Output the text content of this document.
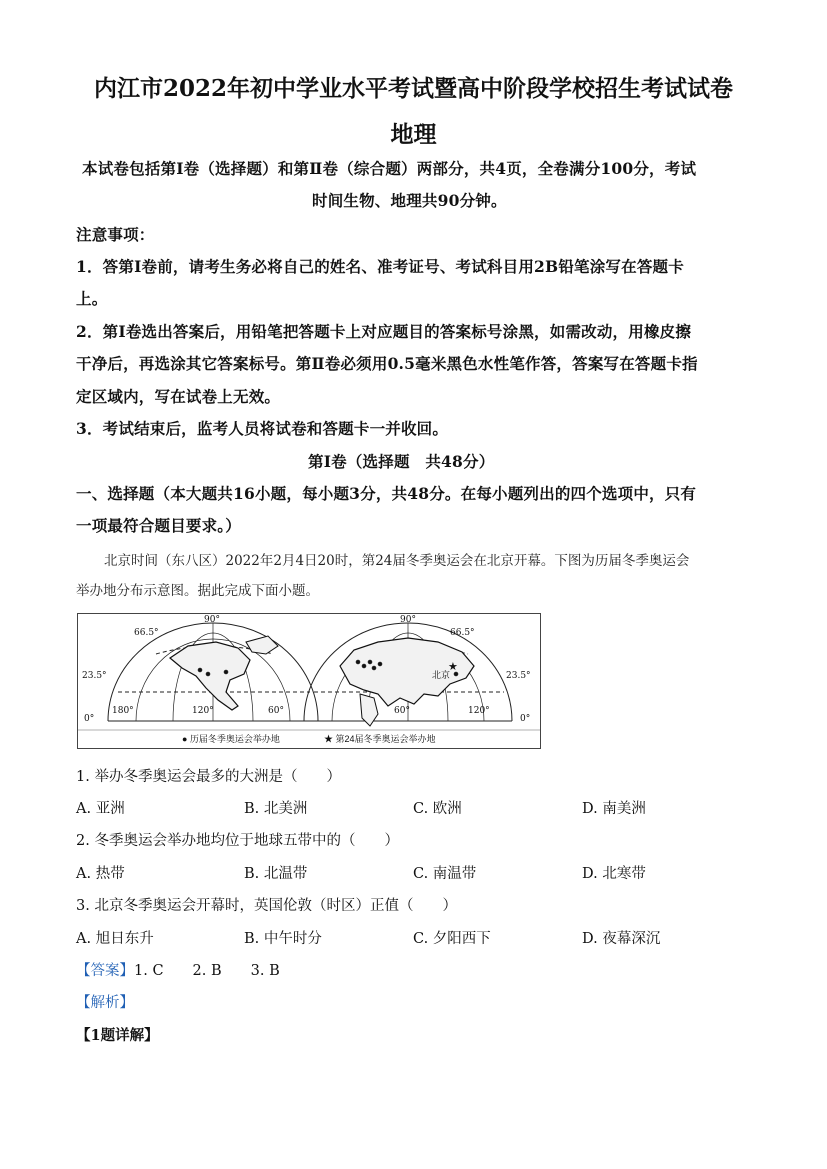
内江市2022年初中学业水平考试暨高中阶段学校招生考试试卷
地理
本试卷包括第Ⅰ卷（选择题）和第Ⅱ卷（综合题）两部分，共4页，全卷满分100分，考试
时间生物、地理共90分钟。
注意事项：
1．答第Ⅰ卷前，请考生务必将自己的姓名、准考证号、考试科目用2B铅笔涂写在答题卡
上。
2．第Ⅰ卷选出答案后，用铅笔把答题卡上对应题目的答案标号涂黑，如需改动，用橡皮擦
干净后，再选涂其它答案标号。第Ⅱ卷必须用0.5毫米黑色水性笔作答，答案写在答题卡指
定区域内，写在试卷上无效。
3．考试结束后，监考人员将试卷和答题卡一并收回。
第Ⅰ卷（选择题　共48分）
一、选择题（本大题共16小题，每小题3分，共48分。在每小题列出的四个选项中，只有
一项最符合题目要求。）
北京时间（东八区）2022年2月4日20时，第24届冬季奥运会在北京开幕。下图为历届冬季奥运会
举办地分布示意图。据此完成下面小题。
★
90°
66.5°
23.5°
0°
180°	120°	60°
90°
66.5°
23.5°
0°
60°	120°
北京
● 历届冬季奥运会举办地	★ 第24届冬季奥运会举办地
1. 举办冬季奥运会最多的大洲是（　　）
A. 亚洲	B. 北美洲	C. 欧洲	D. 南美洲
2. 冬季奥运会举办地均位于地球五带中的（　　）
A. 热带	B. 北温带	C. 南温带	D. 北寒带
3. 北京冬季奥运会开幕时，英国伦敦（时区）正值（　　）
A. 旭日东升	B. 中午时分	C. 夕阳西下	D. 夜幕深沉
【答案】1. C　　2. B　　3. B
【解析】
【1题详解】
